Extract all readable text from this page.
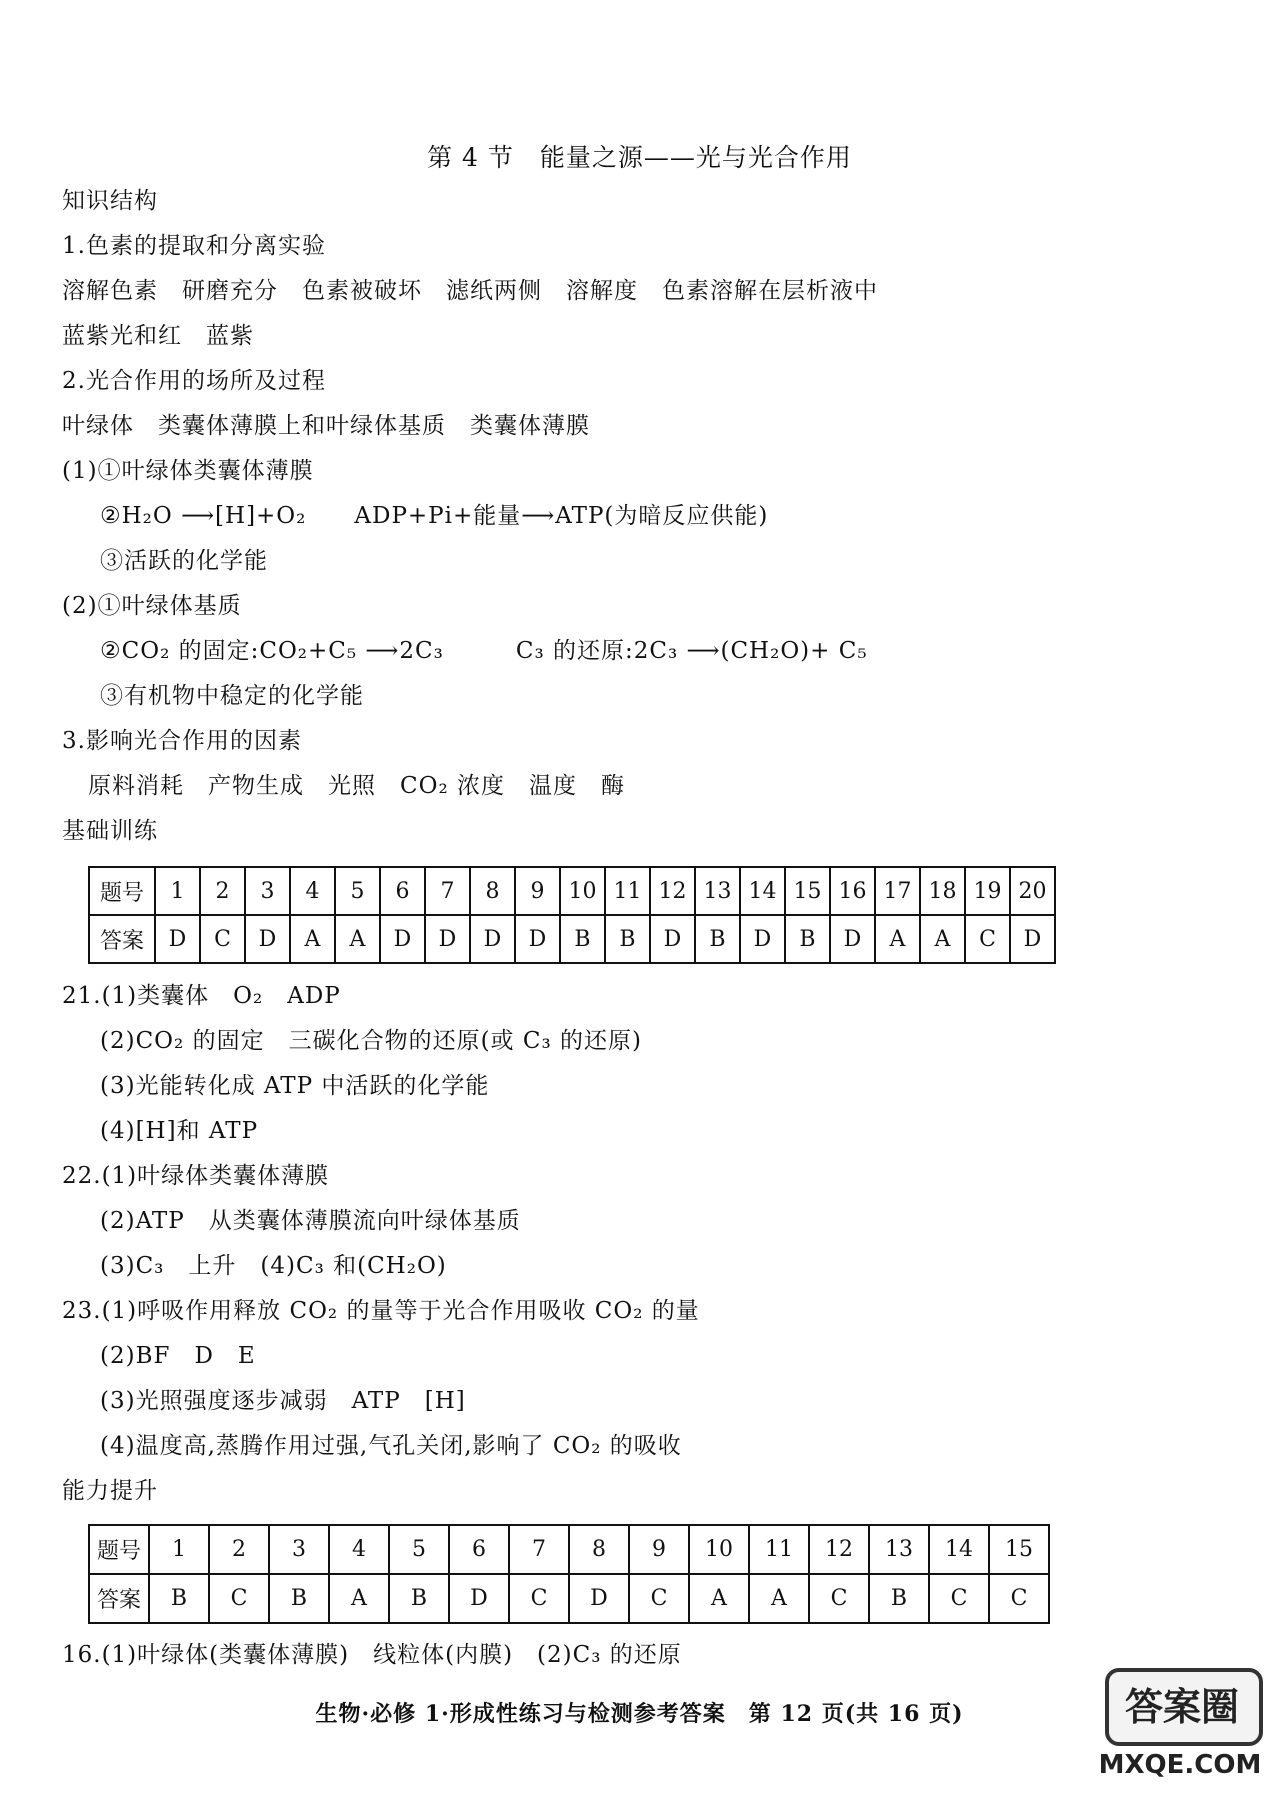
第 4 节　能量之源——光与光合作用
知识结构
1.色素的提取和分离实验
溶解色素　研磨充分　色素被破坏　滤纸两侧　溶解度　色素溶解在层析液中
蓝紫光和红　蓝紫
2.光合作用的场所及过程
叶绿体　类囊体薄膜上和叶绿体基质　类囊体薄膜
(1)①叶绿体类囊体薄膜
②H₂O ⟶[H]+O₂　　ADP+Pi+能量⟶ATP(为暗反应供能)
③活跃的化学能
(2)①叶绿体基质
②CO₂ 的固定:CO₂+C₅ ⟶2C₃　　　C₃ 的还原:2C₃ ⟶(CH₂O)+ C₅
③有机物中稳定的化学能
3.影响光合作用的因素
原料消耗　产物生成　光照　CO₂ 浓度　温度　酶
基础训练
题号	1	2	3	4	5	6	7	8	9	10	11	12	13	14	15	16	17	18	19	20
答案	D	C	D	A	A	D	D	D	D	B	B	D	B	D	B	D	A	A	C	D
21.(1)类囊体　O₂　ADP
(2)CO₂ 的固定　三碳化合物的还原(或 C₃ 的还原)
(3)光能转化成 ATP 中活跃的化学能
(4)[H]和 ATP
22.(1)叶绿体类囊体薄膜
(2)ATP　从类囊体薄膜流向叶绿体基质
(3)C₃　上升　(4)C₃ 和(CH₂O)
23.(1)呼吸作用释放 CO₂ 的量等于光合作用吸收 CO₂ 的量
(2)BF　D　E
(3)光照强度逐步减弱　ATP　[H]
(4)温度高,蒸腾作用过强,气孔关闭,影响了 CO₂ 的吸收
能力提升
题号	1	2	3	4	5	6	7	8	9	10	11	12	13	14	15
答案	B	C	B	A	B	D	C	D	C	A	A	C	B	C	C
16.(1)叶绿体(类囊体薄膜)　线粒体(内膜)　(2)C₃ 的还原
生物·必修 1·形成性练习与检测参考答案　第 12 页(共 16 页)	答案圈
MXQE.COM
